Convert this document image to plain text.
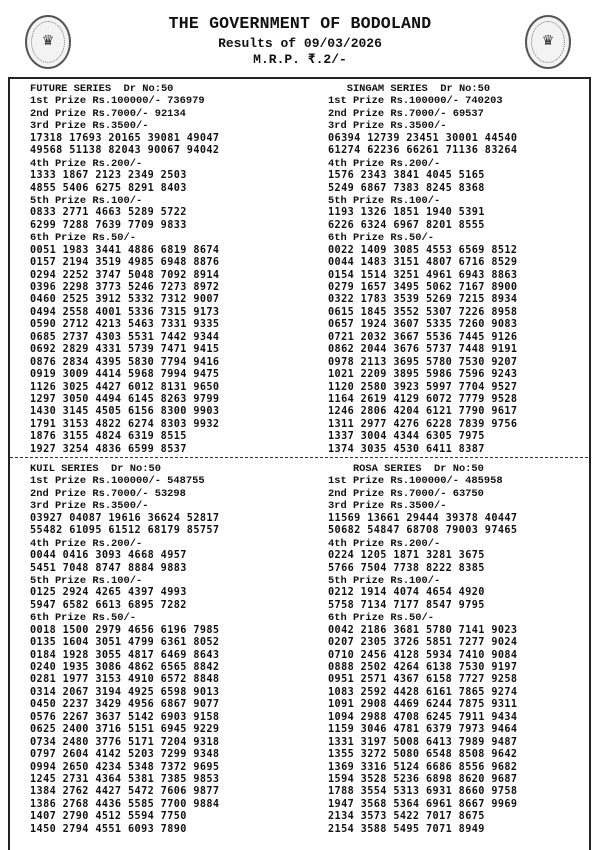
♛
THE GOVERNMENT OF BODOLAND
Results of 09/03/2026
M.R.P. ₹.2/-
♛
FUTURE SERIES  Dr No:50
1st Prize Rs.100000/- 736979
2nd Prize Rs.7000/- 92134
3rd Prize Rs.3500/-
17318 17693 20165 39081 49047
49568 51138 82043 90067 94042
4th Prize Rs.200/-
1333 1867 2123 2349 2503
4855 5406 6275 8291 8403
5th Prize Rs.100/-
0833 2771 4663 5289 5722
6299 7288 7639 7709 9833
6th Prize Rs.50/-
0051 1983 3441 4886 6819 8674
0157 2194 3519 4985 6948 8876
0294 2252 3747 5048 7092 8914
0396 2298 3773 5246 7273 8972
0460 2525 3912 5332 7312 9007
0494 2558 4001 5336 7315 9173
0590 2712 4213 5463 7331 9335
0685 2737 4303 5531 7442 9344
0692 2829 4331 5739 7471 9415
0876 2834 4395 5830 7794 9416
0919 3009 4414 5968 7994 9475
1126 3025 4427 6012 8131 9650
1297 3050 4494 6145 8263 9799
1430 3145 4505 6156 8300 9903
1791 3153 4822 6274 8303 9932
1876 3155 4824 6319 8515
1927 3254 4836 6599 8537
SINGAM SERIES  Dr No:50
1st Prize Rs.100000/- 740203
2nd Prize Rs.7000/- 69537
3rd Prize Rs.3500/-
06394 12739 23451 30001 44540
61274 62236 66261 71136 83264
4th Prize Rs.200/-
1576 2343 3841 4045 5165
5249 6867 7383 8245 8368
5th Prize Rs.100/-
1193 1326 1851 1940 5391
6226 6324 6967 8201 8555
6th Prize Rs.50/-
0022 1409 3085 4553 6569 8512
0044 1483 3151 4807 6716 8529
0154 1514 3251 4961 6943 8863
0279 1657 3495 5062 7167 8900
0322 1783 3539 5269 7215 8934
0615 1845 3552 5307 7226 8958
0657 1924 3607 5335 7260 9083
0721 2032 3667 5536 7445 9126
0862 2044 3676 5737 7448 9191
0978 2113 3695 5780 7530 9207
1021 2209 3895 5986 7596 9243
1120 2580 3923 5997 7704 9527
1164 2619 4129 6072 7779 9528
1246 2806 4204 6121 7790 9617
1311 2977 4276 6228 7839 9756
1337 3004 4344 6305 7975
1374 3035 4530 6411 8387
KUIL SERIES  Dr No:50
1st Prize Rs.100000/- 548755
2nd Prize Rs.7000/- 53298
3rd Prize Rs.3500/-
03927 04087 19616 36624 52817
55482 61095 61512 68179 85757
4th Prize Rs.200/-
0044 0416 3093 4668 4957
5451 7048 8747 8884 9883
5th Prize Rs.100/-
0125 2924 4265 4397 4993
5947 6582 6613 6895 7282
6th Prize Rs.50/-
0018 1500 2979 4656 6196 7985
0135 1604 3051 4799 6361 8052
0184 1928 3055 4817 6469 8643
0240 1935 3086 4862 6565 8842
0281 1977 3153 4910 6572 8848
0314 2067 3194 4925 6598 9013
0450 2237 3429 4956 6867 9077
0576 2267 3637 5142 6903 9158
0625 2400 3716 5151 6945 9229
0734 2480 3776 5171 7204 9318
0797 2604 4142 5203 7299 9348
0994 2650 4234 5348 7372 9695
1245 2731 4364 5381 7385 9853
1384 2762 4427 5472 7606 9877
1386 2768 4436 5585 7700 9884
1407 2790 4512 5594 7750
1450 2794 4551 6093 7890
ROSA SERIES  Dr No:50
1st Prize Rs.100000/- 485958
2nd Prize Rs.7000/- 63750
3rd Prize Rs.3500/-
11569 13661 29444 39378 40447
50682 54847 68708 79003 97465
4th Prize Rs.200/-
0224 1205 1871 3281 3675
5766 7504 7738 8222 8385
5th Prize Rs.100/-
0212 1914 4074 4654 4920
5758 7134 7177 8547 9795
6th Prize Rs.50/-
0042 2186 3681 5780 7141 9023
0207 2305 3726 5851 7277 9024
0710 2456 4128 5934 7410 9084
0888 2502 4264 6138 7530 9197
0951 2571 4367 6158 7727 9258
1083 2592 4428 6161 7865 9274
1091 2908 4469 6244 7875 9311
1094 2988 4708 6245 7911 9434
1159 3046 4781 6379 7973 9464
1331 3197 5008 6413 7989 9487
1355 3272 5080 6548 8508 9642
1369 3316 5124 6686 8556 9682
1594 3528 5236 6898 8620 9687
1788 3554 5313 6931 8660 9758
1947 3568 5364 6961 8667 9969
2134 3573 5422 7017 8675
2154 3588 5495 7071 8949
